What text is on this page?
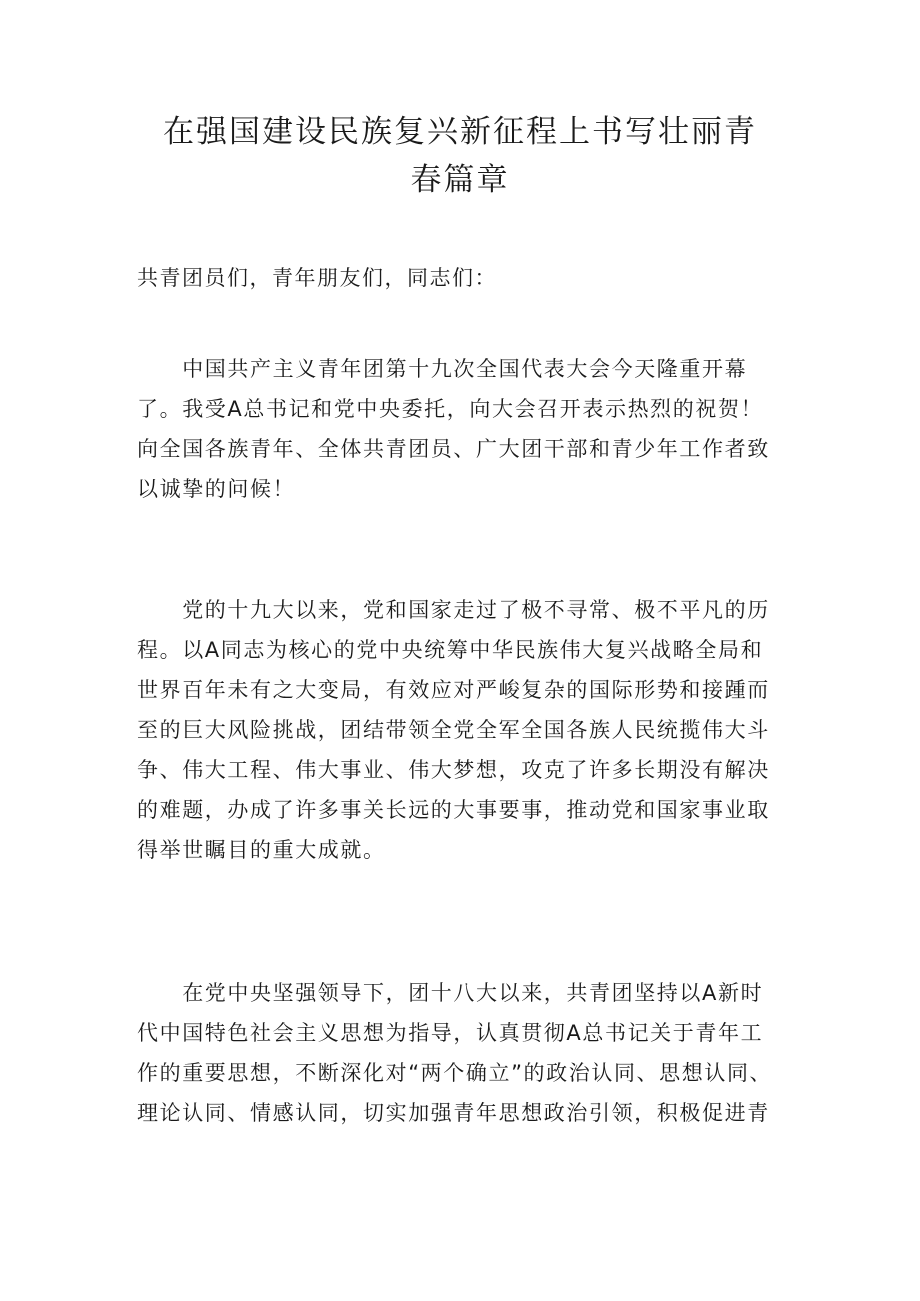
在强国建设民族复兴新征程上书写壮丽青
春篇章

共青团员们，青年朋友们，同志们：

　　中国共产主义青年团第十九次全国代表大会今天隆重开幕
了。我受A总书记和党中央委托，向大会召开表示热烈的祝贺！
向全国各族青年、全体共青团员、广大团干部和青少年工作者致
以诚挚的问候！

　　党的十九大以来，党和国家走过了极不寻常、极不平凡的历
程。以A同志为核心的党中央统筹中华民族伟大复兴战略全局和
世界百年未有之大变局，有效应对严峻复杂的国际形势和接踵而
至的巨大风险挑战，团结带领全党全军全国各族人民统揽伟大斗
争、伟大工程、伟大事业、伟大梦想，攻克了许多长期没有解决
的难题，办成了许多事关长远的大事要事，推动党和国家事业取
得举世瞩目的重大成就。

　　在党中央坚强领导下，团十八大以来，共青团坚持以A新时
代中国特色社会主义思想为指导，认真贯彻A总书记关于青年工
作的重要思想，不断深化对“两个确立”的政治认同、思想认同、
理论认同、情感认同，切实加强青年思想政治引领，积极促进青
